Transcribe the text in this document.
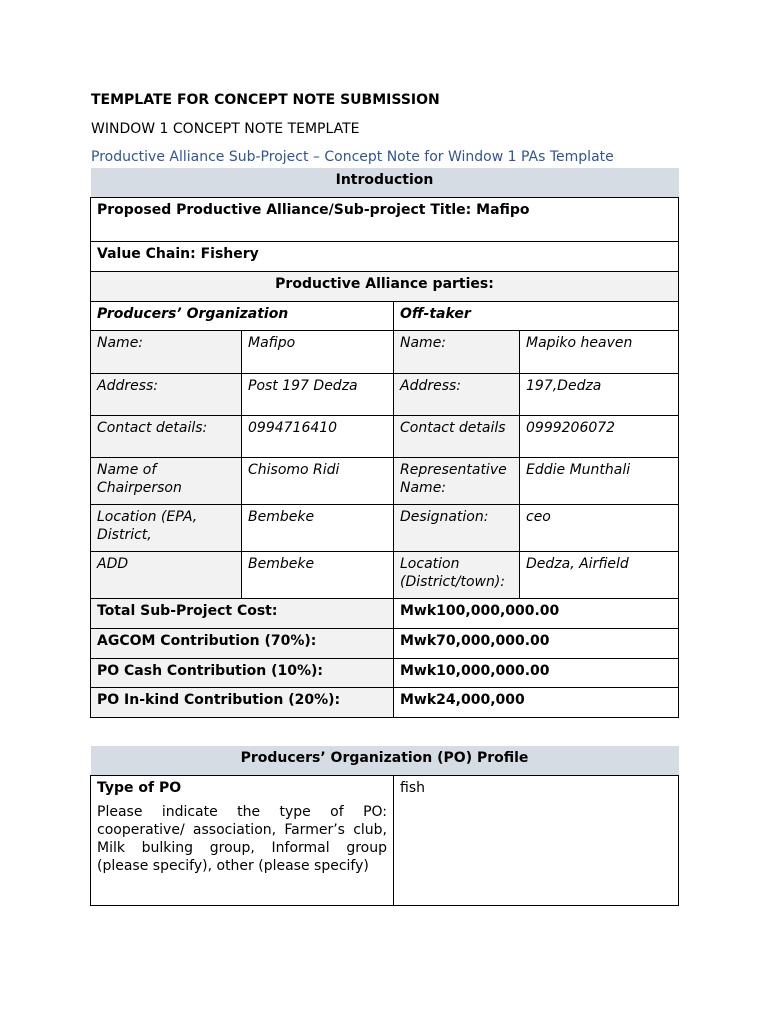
TEMPLATE FOR CONCEPT NOTE SUBMISSION
WINDOW 1 CONCEPT NOTE TEMPLATE
Productive Alliance Sub-Project – Concept Note for Window 1 PAs Template
Introduction			
Proposed Productive Alliance/Sub-project Title: Mafipo			
Value Chain: Fishery			
Productive Alliance parties:			
Producers’ Organization		Off-taker	
Name:	Mafipo	Name:	Mapiko heaven
Address:	Post 197 Dedza	Address:	197,Dedza
Contact details:	0994716410	Contact details	0999206072
Name of Chairperson	Chisomo Ridi	Representative Name:	Eddie Munthali
Location (EPA, District,	Bembeke	Designation:	ceo
ADD	Bembeke	Location (District/town):	Dedza, Airfield
Total Sub-Project Cost:		Mwk100,000,000.00	
AGCOM Contribution (70%):		Mwk70,000,000.00	
PO Cash Contribution (10%):		Mwk10,000,000.00	
PO In-kind Contribution (20%):		Mwk24,000,000	
Producers’ Organization (PO) Profile

Type of PO

Please indicate the type of PO: cooperative/ association, Farmer’s club, Milk bulking group, Informal group (please specify), other (please specify)

	fish
